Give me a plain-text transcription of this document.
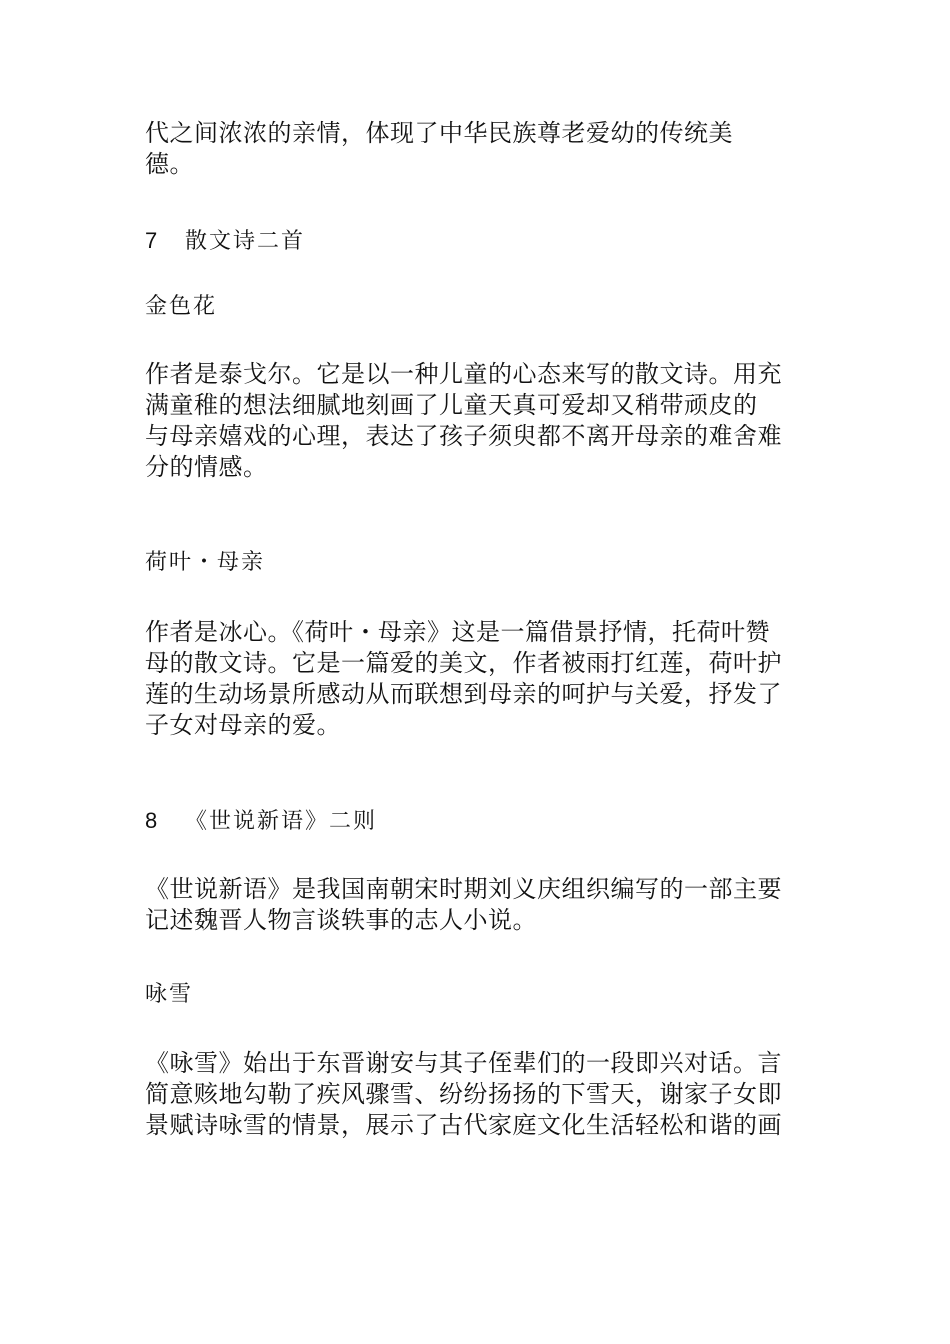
代之间浓浓的亲情，体现了中华民族尊老爱幼的传统美
德。

7 散文诗二首
金色花

作者是泰戈尔。它是以一种儿童的心态来写的散文诗。用充
满童稚的想法细腻地刻画了儿童天真可爱却又稍带顽皮的
与母亲嬉戏的心理，表达了孩子须臾都不离开母亲的难舍难
分的情感。

荷叶・母亲

作者是冰心。《荷叶・母亲》这是一篇借景抒情，托荷叶赞
母的散文诗。它是一篇爱的美文，作者被雨打红莲，荷叶护
莲的生动场景所感动从而联想到母亲的呵护与关爱，抒发了
子女对母亲的爱。

8 《世说新语》二则

《世说新语》是我国南朝宋时期刘义庆组织编写的一部主要
记述魏晋人物言谈轶事的志人小说。

咏雪

《咏雪》始出于东晋谢安与其子侄辈们的一段即兴对话。言
简意赅地勾勒了疾风骤雪、纷纷扬扬的下雪天，谢家子女即
景赋诗咏雪的情景，展示了古代家庭文化生活轻松和谐的画
